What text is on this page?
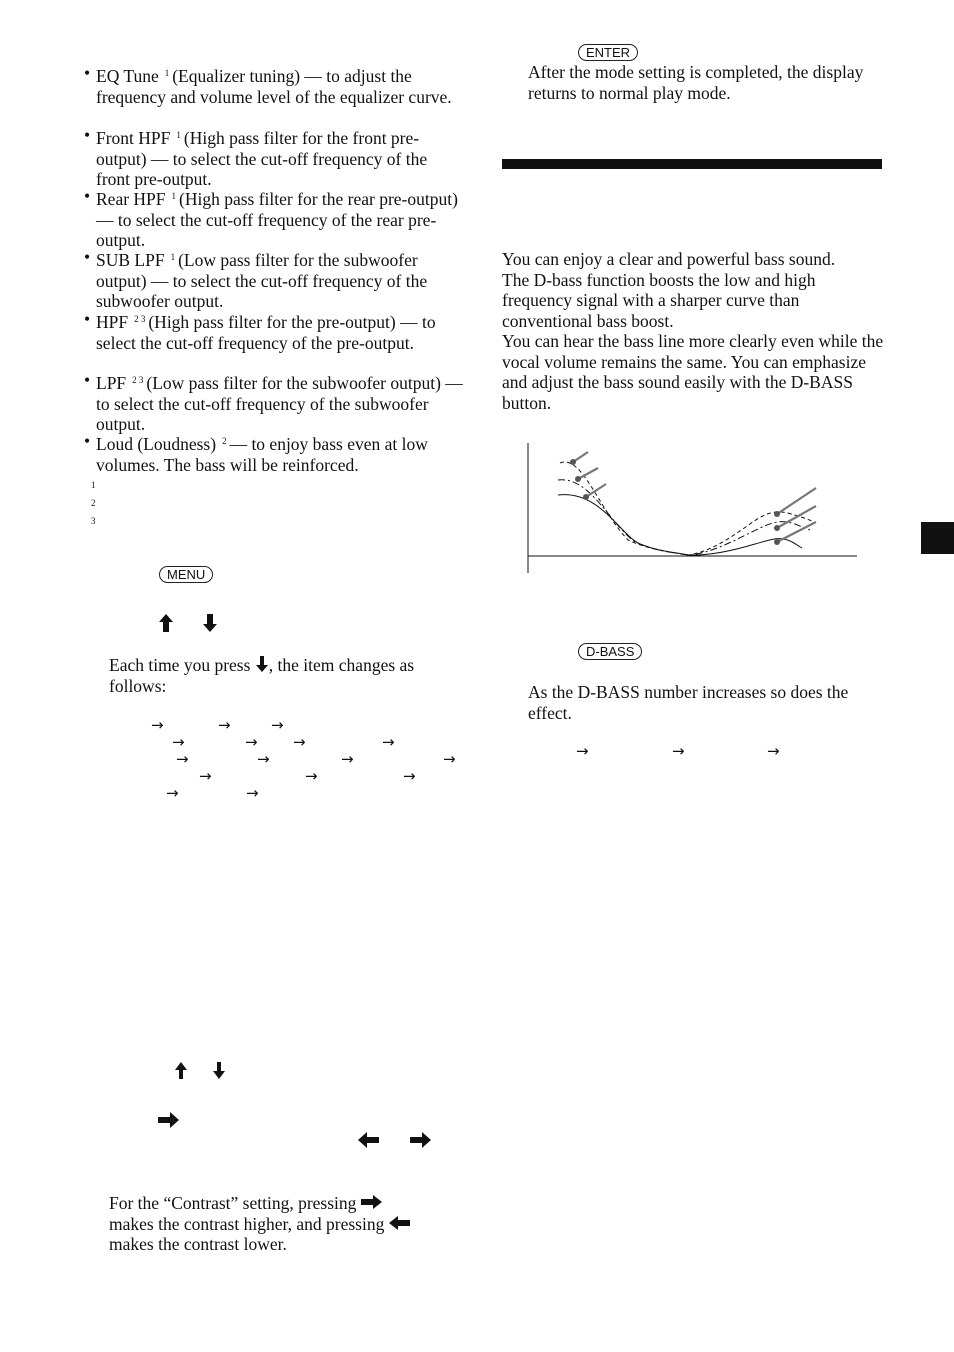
• EQ Tune $^1$ (Equalizer tuning) — to adjust the frequency and volume level of the equalizer curve.
• Front HPF $^1$ (High pass filter for the front pre-output) — to select the cut-off frequency of the front pre-output.
• Rear HPF $^1$ (High pass filter for the rear pre-output) — to select the cut-off frequency of the rear pre-output.
• SUB LPF $^1$ (Low pass filter for the subwoofer output) — to select the cut-off frequency of the subwoofer output.
• HPF $^{2 3}$ (High pass filter for the pre-output) — to select the cut-off frequency of the pre-output.
• LPF $^{2 3}$ (Low pass filter for the subwoofer output) — to select the cut-off frequency of the subwoofer output.
• Loud (Loudness) $^2$ — to enjoy bass even at low volumes. The bass will be reinforced.
1
2
3
MENU
Each time you press , the item changes as follows:
→	→	→
→	→ →	→
→	→	→	→
→	→	→
→	→
For the “Contrast” setting, pressing
makes the contrast higher, and pressing
makes the contrast lower.
ENTER
After the mode setting is completed, the display returns to normal play mode.
You can enjoy a clear and powerful bass sound.
The D-bass function boosts the low and high frequency signal with a sharper curve than conventional bass boost.
You can hear the bass line more clearly even while the vocal volume remains the same. You can emphasize and adjust the bass sound easily with the D-BASS button.
D-BASS
As the D-BASS number increases so does the effect.
→	→	→
